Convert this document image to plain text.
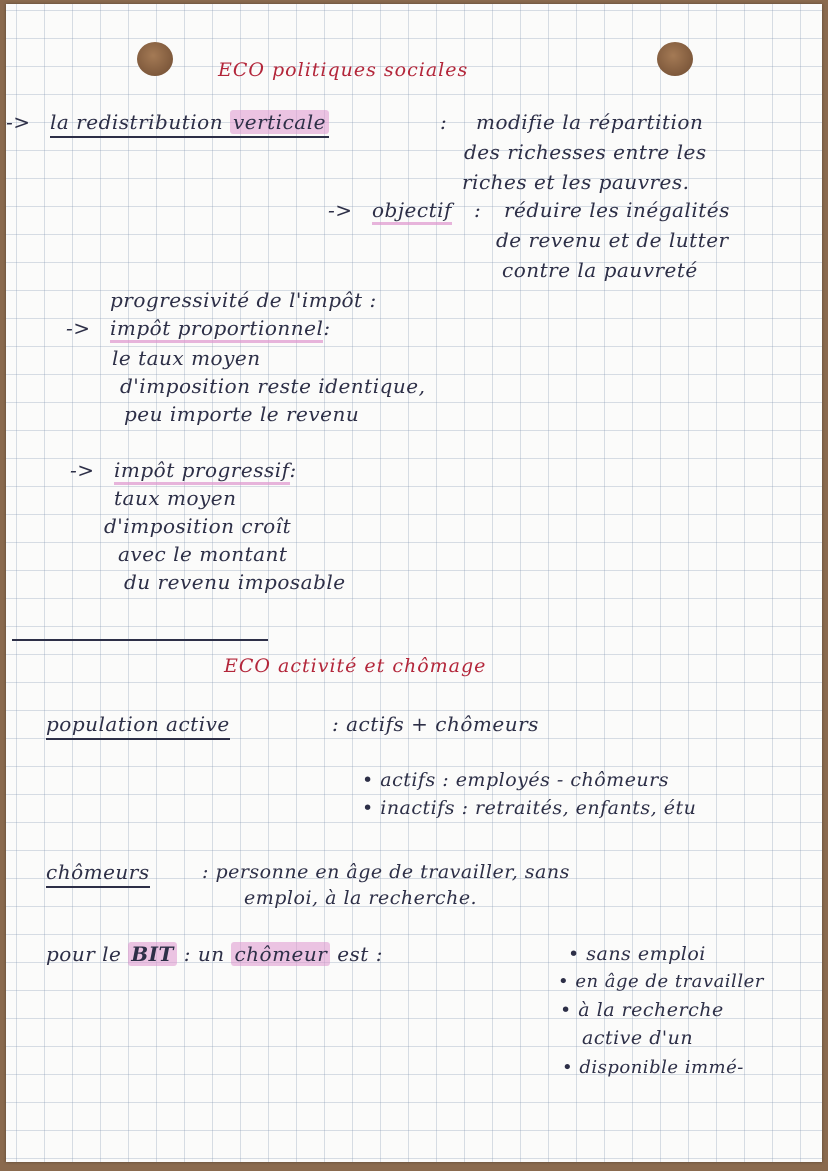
ECO politiques sociales
-> la redistribution verticale	: modifie la répartition
des richesses entre les
riches et les pauvres.
-> objectif : réduire les inégalités
de revenu et de lutter
contre la pauvreté
progressivité de l'impôt :
-> impôt proportionnel:
le taux moyen
d'imposition reste identique,
peu importe le revenu
-> impôt progressif:
taux moyen
d'imposition croît
avec le montant
du revenu imposable
ECO activité et chômage
population active	: actifs + chômeurs
• actifs : employés - chômeurs
• inactifs : retraités, enfants, étu
chômeurs	: personne en âge de travailler, sans
emploi, à la recherche.
pour le BIT : un chômeur est :	• sans emploi
• en âge de travailler
• à la recherche
active d'un
• disponible immé-
